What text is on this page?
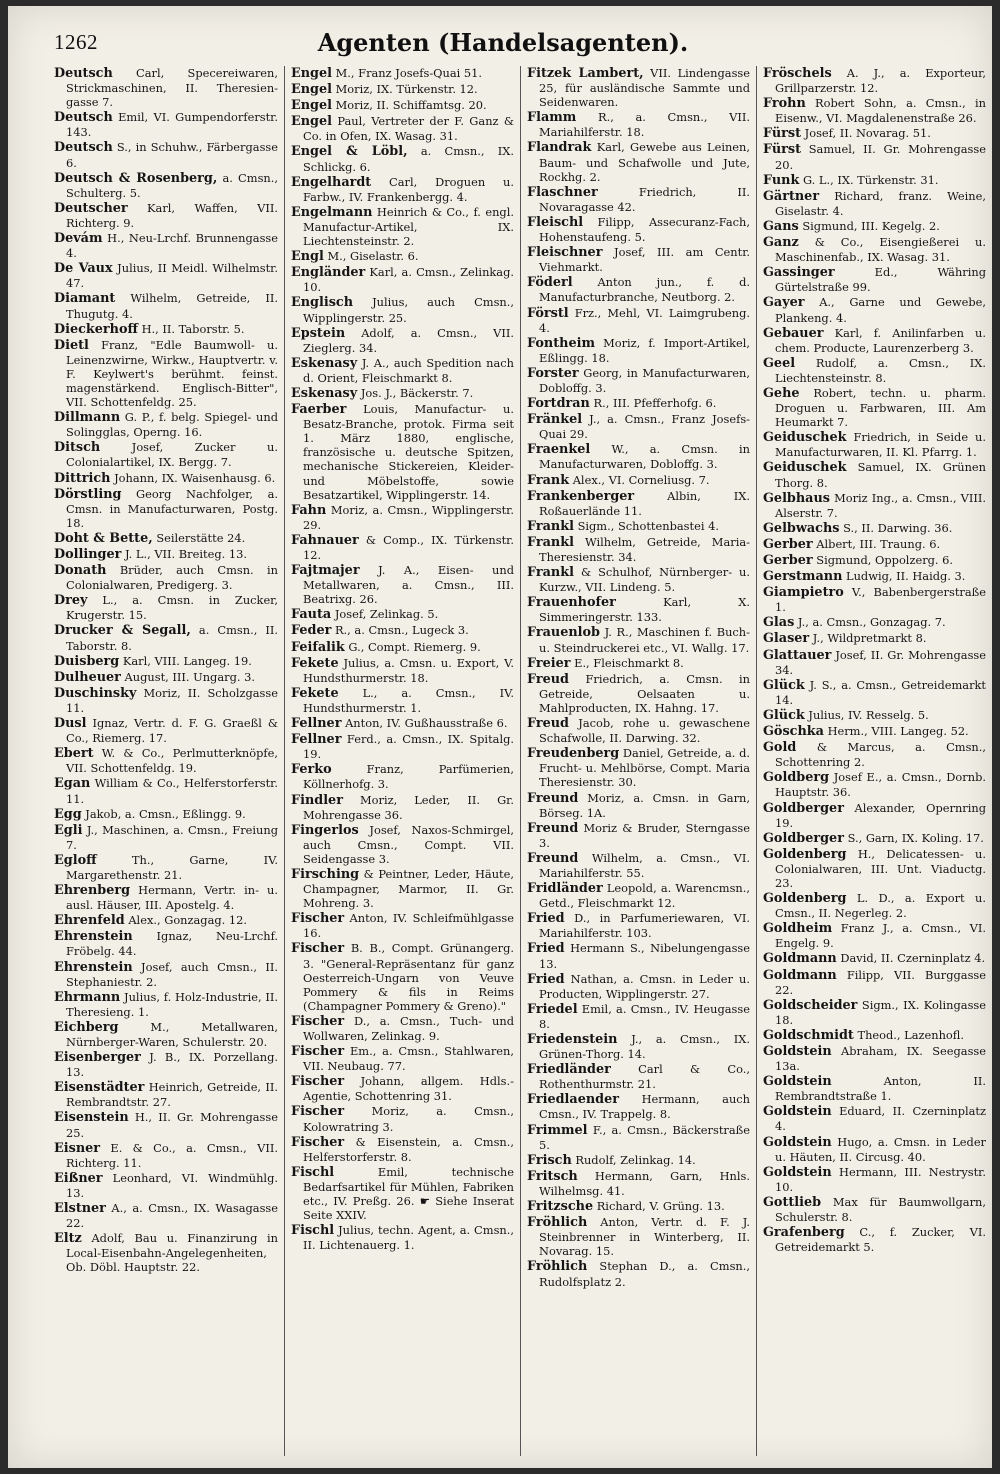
1262	Agenten (Handelsagenten).

Deutsch Carl, Specereiwaren, Strickmaschinen, II. Theresien-gasse 7.

Deutsch Emil, VI. Gumpendorferstr. 143.

Deutsch S., in Schuhw., Färbergasse 6.

Deutsch & Rosenberg, a. Cmsn., Schulterg. 5.

Deutscher Karl, Waffen, VII. Richterg. 9.

Devám H., Neu-Lrchf. Brunnengasse 4.

De Vaux Julius, II Meidl. Wilhelmstr. 47.

Diamant Wilhelm, Getreide, II. Thugutg. 4.

Dieckerhoff H., II. Taborstr. 5.

Dietl Franz, "Edle Baumwoll- u. Leinenzwirne, Wirkw., Hauptvertr. v. F. Keylwert's berühmt. feinst. magenstärkend. Englisch-Bitter", VII. Schottenfeldg. 25.

Dillmann G. P., f. belg. Spiegel- und Solingglas, Operng. 16.

Ditsch	Josef, Zucker u. Colonialartikel, IX. Bergg. 7.

Dittrich Johann, IX. Waisenhausg. 6.

Dörstling Georg Nachfolger, a. Cmsn. in Manufacturwaren, Postg. 18.

Doht & Bette, Seilerstätte 24.

Dollinger J. L., VII. Breiteg. 13.

Donath Brüder, auch Cmsn. in Colonialwaren, Predigerg. 3.

Drey L., a. Cmsn. in Zucker, Krugerstr. 15.

Drucker & Segall, a. Cmsn., II. Taborstr. 8.

Duisberg Karl, VIII. Langeg. 19.

Dulheuer August, III. Ungarg. 3.

Duschinsky Moriz, II. Scholzgasse 11.

Dusl Ignaz, Vertr. d. F. G. Graeßl & Co., Riemerg. 17.

Ebert W. & Co., Perlmutterknöpfe, VII. Schottenfeldg. 19.

Egan William & Co., Helferstorferstr. 11.

Egg Jakob, a. Cmsn., Eßlingg. 9.

Egli J., Maschinen, a. Cmsn., Freiung 7.

Egloff	Th., Garne, IV. Margarethenstr. 21.

Ehrenberg Hermann, Vertr. in- u. ausl. Häuser, III. Apostelg. 4.

Ehrenfeld Alex., Gonzagag. 12.

Ehrenstein Ignaz, Neu-Lrchf. Fröbelg. 44.

Ehrenstein Josef, auch Cmsn., II. Stephaniestr. 2.

Ehrmann Julius, f. Holz-Industrie, II. Theresieng. 1.

Eichberg	M., Metallwaren, Nürnberger-Waren, Schulerstr. 20.

Eisenberger J. B., IX. Porzellang. 13.

Eisenstädter Heinrich, Getreide, II. Rembrandtstr. 27.

Eisenstein H., II. Gr. Mohrengasse 25.

Eisner E. & Co., a. Cmsn., VII. Richterg. 11.

Eißner Leonhard, VI. Windmühlg. 13.

Elstner A., a. Cmsn., IX. Wasagasse 22.

Eltz Adolf, Bau u. Finanzirung in Local-Eisenbahn-Angelegenheiten, Ob. Döbl. Hauptstr. 22.

Engel M., Franz Josefs-Quai 51.

Engel Moriz, IX. Türkenstr. 12.

Engel Moriz, II. Schiffamtsg. 20.

Engel Paul, Vertreter der F. Ganz & Co. in Ofen, IX. Wasag. 31.

Engel & Löbl, a. Cmsn., IX. Schlickg. 6.

Engelhardt Carl, Droguen u. Farbw., IV. Frankenbergg. 4.

Engelmann Heinrich & Co., f. engl. Manufactur-Artikel, IX. Liechtensteinstr. 2.

Engl M., Giselastr. 6.

Engländer Karl, a. Cmsn., Zelinkag. 10.

Englisch Julius, auch Cmsn., Wipplingerstr. 25.

Epstein Adolf, a. Cmsn., VII. Zieglerg. 34.

Eskenasy J. A., auch Spedition nach d. Orient, Fleischmarkt 8.

Eskenasy Jos. J., Bäckerstr. 7.

Faerber Louis, Manufactur- u. Besatz-Branche, protok. Firma seit 1. März 1880, englische, französische u. deutsche Spitzen, mechanische Stickereien, Kleider- und Möbelstoffe, sowie Besatzartikel, Wipplingerstr. 14.

Fahn Moriz, a. Cmsn., Wipplingerstr. 29.

Fahnauer & Comp., IX. Türkenstr. 12.

Fajtmajer J. A., Eisen- und Metallwaren, a. Cmsn., III. Beatrixg. 26.

Fauta Josef, Zelinkag. 5.

Feder R., a. Cmsn., Lugeck 3.

Feifalik G., Compt. Riemerg. 9.

Fekete Julius, a. Cmsn. u. Export, V. Hundsthurmerstr. 18.

Fekete L., a. Cmsn., IV. Hundsthurmerstr. 1.

Fellner Anton, IV. Gußhausstraße 6.

Fellner Ferd., a. Cmsn., IX. Spitalg. 19.

Ferko	Franz, Parfümerien, Köllnerhofg. 3.

Findler Moriz, Leder, II. Gr. Mohrengasse 36.

Fingerlos Josef, Naxos-Schmirgel, auch Cmsn., Compt. VII. Seidengasse 3.

Firsching & Peintner, Leder, Häute, Champagner, Marmor, II. Gr. Mohreng. 3.

Fischer Anton, IV. Schleifmühlgasse 16.

Fischer B. B., Compt. Grünangerg. 3. "General-Repräsentanz für ganz Oesterreich-Ungarn von Veuve Pommery & fils in Reims (Champagner Pommery & Greno)."

Fischer D., a. Cmsn., Tuch- und Wollwaren, Zelinkag. 9.

Fischer Em., a. Cmsn., Stahlwaren, VII. Neubaug. 77.

Fischer Johann, allgem. Hdls.-Agentie, Schottenring 31.

Fischer Moriz, a. Cmsn., Kolowratring 3.

Fischer & Eisenstein, a. Cmsn., Helferstorferstr. 8.

Fischl	Emil, technische Bedarfsartikel für Mühlen, Fabriken etc., IV. Preßg. 26. ☛ Siehe Inserat Seite XXIV.

Fischl Julius, techn. Agent, a. Cmsn., II. Lichtenauerg. 1.

Fitzek Lambert, VII. Lindengasse 25, für ausländische Sammte und Seidenwaren.

Flamm R., a. Cmsn., VII. Mariahilferstr. 18.

Flandrak Karl, Gewebe aus Leinen, Baum- und Schafwolle und Jute, Rockhg. 2.

Flaschner	Friedrich, II. Novaragasse 42.

Fleischl Filipp, Assecuranz-Fach, Hohenstaufeng. 5.

Fleischner Josef, III. am Centr. Viehmarkt.

Föderl Anton jun., f. d. Manufacturbranche, Neutborg. 2.

Förstl Frz., Mehl, VI. Laimgrubeng. 4.

Fontheim Moriz, f. Import-Artikel, Eßlingg. 18.

Forster Georg, in Manufacturwaren, Dobloffg. 3.

Fortdran R., III. Pfefferhofg. 6.

Fränkel J., a. Cmsn., Franz Josefs-Quai 29.

Fraenkel W., a. Cmsn. in Manufacturwaren, Dobloffg. 3.

Frank Alex., VI. Corneliusg. 7.

Frankenberger	Albin, IX. Roßauerlände 11.

Frankl Sigm., Schottenbastei 4.

Frankl Wilhelm, Getreide, Maria-Theresienstr. 34.

Frankl & Schulhof, Nürnberger- u. Kurzw., VII. Lindeng. 5.

Frauenhofer	Karl, X. Simmeringerstr. 133.

Frauenlob J. R., Maschinen f. Buch- u. Steindruckerei etc., VI. Wallg. 17.

Freier E., Fleischmarkt 8.

Freud Friedrich, a. Cmsn. in Getreide, Oelsaaten u. Mahlproducten, IX. Hahng. 17.

Freud Jacob, rohe u. gewaschene Schafwolle, II. Darwing. 32.

Freudenberg Daniel, Getreide, a. d. Frucht- u. Mehlbörse, Compt. Maria Theresienstr. 30.

Freund Moriz, a. Cmsn. in Garn, Börseg. 1A.

Freund Moriz & Bruder, Sterngasse 3.

Freund Wilhelm, a. Cmsn., VI. Mariahilferstr. 55.

Fridländer Leopold, a. Warencmsn., Getd., Fleischmarkt 12.

Fried D., in Parfumeriewaren, VI. Mariahilferstr. 103.

Fried Hermann S., Nibelungengasse 13.

Fried Nathan, a. Cmsn. in Leder u. Producten, Wipplingerstr. 27.

Friedel Emil, a. Cmsn., IV. Heugasse 8.

Friedenstein J., a. Cmsn., IX. Grünen-Thorg. 14.

Friedländer Carl & Co., Rothenthurmstr. 21.

Friedlaender Hermann, auch Cmsn., IV. Trappelg. 8.

Frimmel F., a. Cmsn., Bäckerstraße 5.

Frisch Rudolf, Zelinkag. 14.

Fritsch Hermann, Garn, Hnls. Wilhelmsg. 41.

Fritzsche Richard, V. Grüng. 13.

Fröhlich Anton, Vertr. d. F. J. Steinbrenner in Winterberg, II. Novarag. 15.

Fröhlich Stephan D., a. Cmsn., Rudolfsplatz 2.

Fröschels A. J., a. Exporteur, Grillparzerstr. 12.

Frohn Robert Sohn, a. Cmsn., in Eisenw., VI. Magdalenenstraße 26.

Fürst Josef, II. Novarag. 51.

Fürst Samuel, II. Gr. Mohrengasse 20.

Funk G. L., IX. Türkenstr. 31.

Gärtner Richard, franz. Weine, Giselastr. 4.

Gans Sigmund, III. Kegelg. 2.

Ganz & Co., Eisengießerei u. Maschinenfab., IX. Wasag. 31.

Gassinger	Ed., Währing Gürtelstraße 99.

Gayer A., Garne und Gewebe, Plankeng. 4.

Gebauer Karl, f. Anilinfarben u. chem. Producte, Laurenzerberg 3.

Geel Rudolf, a. Cmsn., IX. Liechtensteinstr. 8.

Gehe Robert, techn. u. pharm. Droguen u. Farbwaren, III. Am Heumarkt 7.

Geiduschek Friedrich, in Seide u. Manufacturwaren, II. Kl. Pfarrg. 1.

Geiduschek Samuel, IX. Grünen Thorg. 8.

Gelbhaus Moriz Ing., a. Cmsn., VIII. Alserstr. 7.

Gelbwachs S., II. Darwing. 36.

Gerber Albert, III. Traung. 6.

Gerber Sigmund, Oppolzerg. 6.

Gerstmann Ludwig, II. Haidg. 3.

Giampietro V., Babenbergerstraße 1.

Glas J., a. Cmsn., Gonzagag. 7.

Glaser J., Wildpretmarkt 8.

Glattauer Josef, II. Gr. Mohrengasse 34.

Glück J. S., a. Cmsn., Getreidemarkt 14.

Glück Julius, IV. Resselg. 5.

Göschka Herm., VIII. Langeg. 52.

Gold & Marcus, a. Cmsn., Schottenring 2.

Goldberg Josef E., a. Cmsn., Dornb. Hauptstr. 36.

Goldberger Alexander, Opernring 19.

Goldberger S., Garn, IX. Koling. 17.

Goldenberg H., Delicatessen- u. Colonialwaren, III. Unt. Viaductg. 23.

Goldenberg L. D., a. Export u. Cmsn., II. Negerleg. 2.

Goldheim Franz J., a. Cmsn., VI. Engelg. 9.

Goldmann David, II. Czerninplatz 4.

Goldmann Filipp, VII. Burggasse 22.

Goldscheider Sigm., IX. Kolingasse 18.

Goldschmidt Theod., Lazenhofl.

Goldstein Abraham, IX. Seegasse 13a.

Goldstein	Anton, II. Rembrandtstraße 1.

Goldstein Eduard, II. Czerninplatz 4.

Goldstein Hugo, a. Cmsn. in Leder u. Häuten, II. Circusg. 40.

Goldstein Hermann, III. Nestrystr. 10.

Gottlieb Max für Baumwollgarn, Schulerstr. 8.

Grafenberg C., f. Zucker, VI. Getreidemarkt 5.
